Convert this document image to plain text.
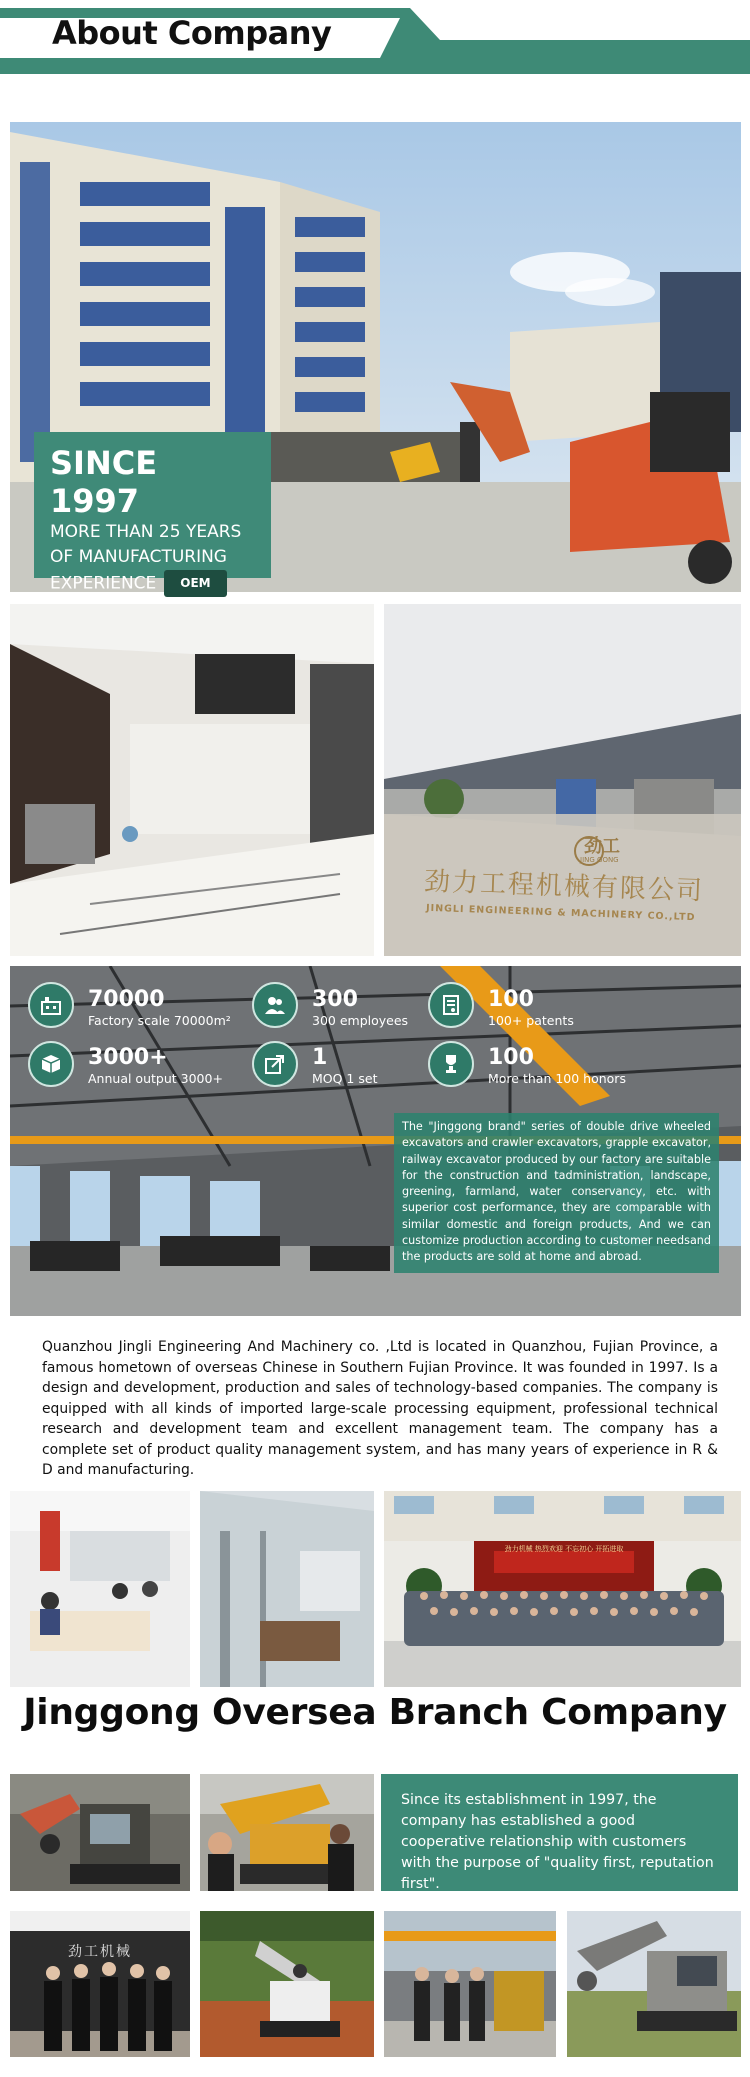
About Company
SINCE 1997
MORE THAN 25 YEARS
OF MANUFACTURING
EXPERIENCE OEM
劲工
JING GONG
劲力工程机械有限公司
JINGLI ENGINEERING & MACHINERY CO.,LTD
70000
Factory scale 70000m²
300
300 employees
100
100+ patents
3000+
Annual output 3000+
1
MOQ 1 set
100
More than 100 honors
The "Jinggong brand" series of double drive wheeled excavators and crawler excavators, grapple excavator, railway excavator produced by our factory are suitable for the construction and tadministration, landscape, greening, farmland, water conservancy, etc. with superior cost performance, they are comparable with similar domestic and foreign products, And we can customize production according to customer needsand the products are sold at home and abroad.
Quanzhou Jingli Engineering And Machinery co. ,Ltd is located in Quanzhou, Fujian Province, a famous hometown of overseas Chinese in Southern Fujian Province. It was founded in 1997. Is a design and development, production and sales of technology-based companies. The company is equipped with all kinds of imported large-scale processing equipment, professional technical research and development team and excellent management team. The company has a complete set of product quality management system, and has many years of experience in R & D and manufacturing.
劲力机械 热烈欢迎 不忘初心 开拓进取
Jinggong Oversea Branch Company
Since its establishment in 1997, the company has established a good cooperative relationship with customers with the purpose of "quality first, reputation first".
劲工机械
